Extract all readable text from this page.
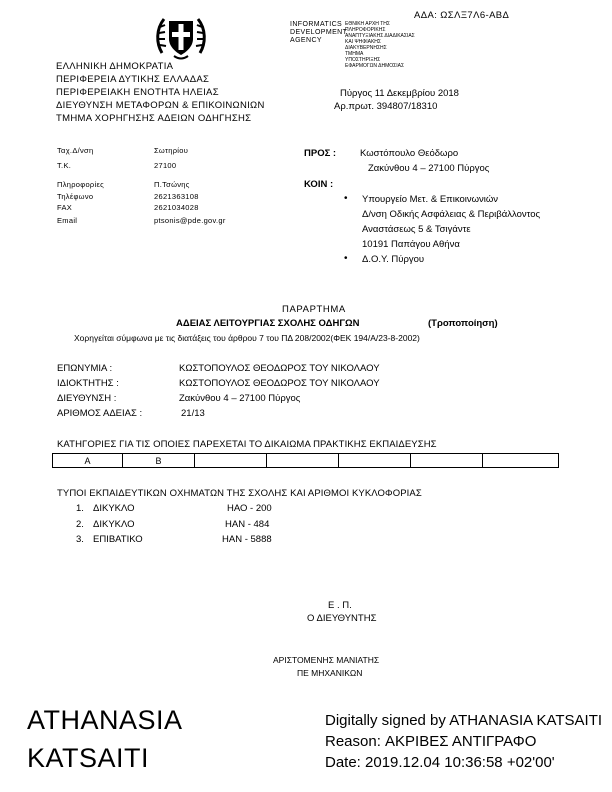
ΑΔΑ: ΩΣΛΞ7Λ6-ΑΒΔ
INFORMATICS
DEVELOPMENT
AGENCY
ΕΘΝΙΚΗ ΑΡΧΗ ΤΗΣ
ΠΛΗΡΟΦΟΡΙΚΗΣ
ΑΝΑΠΤΥΞΙΑΚΗΣ ΔΙΑΔΙΚΑΣΙΑΣ
ΚΑΙ ΨΗΦΙΑΚΗΣ
ΔΙΑΚΥΒΕΡΝΗΣΗΣ
ΤΜΗΜΑ
ΥΠΟΣΤΗΡΙΞΗΣ
ΕΦΑΡΜΟΓΩΝ ΔΗΜΟΣΙΑΣ
ΕΛΛΗΝΙΚΗ ΔΗΜΟΚΡΑΤΙΑ
ΠΕΡΙΦΕΡΕΙΑ ΔΥΤΙΚΗΣ ΕΛΛΑΔΑΣ
ΠΕΡΙΦΕΡΕΙΑΚΗ ΕΝΟΤΗΤΑ ΗΛΕΙΑΣ
ΔΙΕΥΘΥΝΣΗ ΜΕΤΑΦΟΡΩΝ & ΕΠΙΚΟΙΝΩΝΙΩΝ
ΤΜΗΜΑ ΧΟΡΗΓΗΣΗΣ ΑΔΕΙΩΝ ΟΔΗΓΗΣΗΣ
Πύργος 11 Δεκεμβρίου 2018
Αρ.πρωτ. 394807/18310
Ταχ.Δ/νση	Σωτηρίου
Τ.Κ.	27100
Πληροφορίες	Π.Τσώνης
Τηλέφωνο	2621363108
FAX	2621034028
Email	ptsonis@pde.gov.gr
ΠΡΟΣ :	Κωστόπουλο Θεόδωρο
Ζακύνθου 4 – 27100 Πύργος
ΚΟΙΝ :
• Υπουργείο Μετ. & Επικοινωνιών
Δ/νση Οδικής Ασφάλειας & Περιβάλλοντος
Αναστάσεως 5 & Τσιγάντε
10191 Παπάγου Αθήνα
• Δ.Ο.Υ. Πύργου
ΠΑΡΑΡΤΗΜΑ
ΑΔΕΙΑΣ ΛΕΙΤΟΥΡΓΙΑΣ ΣΧΟΛΗΣ ΟΔΗΓΩΝ	(Τροποποίηση)
Χορηγείται σύμφωνα με τις διατάξεις του άρθρου 7 του ΠΔ 208/2002(ΦΕΚ 194/Α/23-8-2002)
ΕΠΩΝΥΜΙΑ :	ΚΩΣΤΟΠΟΥΛΟΣ ΘΕΟΔΩΡΟΣ ΤΟΥ ΝΙΚΟΛΑΟΥ
ΙΔΙΟΚΤΗΤΗΣ :	ΚΩΣΤΟΠΟΥΛΟΣ ΘΕΟΔΩΡΟΣ ΤΟΥ ΝΙΚΟΛΑΟΥ
ΔΙΕΥΘΥΝΣΗ :	Ζακύνθου 4 – 27100 Πύργος
ΑΡΙΘΜΟΣ ΑΔΕΙΑΣ :	21/13
ΚΑΤΗΓΟΡΙΕΣ ΓΙΑ ΤΙΣ ΟΠΟΙΕΣ ΠΑΡΕΧΕΤΑΙ ΤΟ ΔΙΚΑΙΩΜΑ ΠΡΑΚΤΙΚΗΣ ΕΚΠΑΙΔΕΥΣΗΣ
Α	Β					
ΤΥΠΟΙ ΕΚΠΑΙΔΕΥΤΙΚΩΝ ΟΧΗΜΑΤΩΝ ΤΗΣ ΣΧΟΛΗΣ ΚΑΙ ΑΡΙΘΜΟΙ ΚΥΚΛΟΦΟΡΙΑΣ
1. ΔΙΚΥΚΛΟ	ΗΑΟ - 200
2. ΔΙΚΥΚΛΟ	ΗΑΝ - 484
3. ΕΠΙΒΑΤΙΚΟ	ΗΑΝ - 5888
Ε . Π.
Ο ΔΙΕΥΘΥΝΤΗΣ
ΑΡΙΣΤΟΜΕΝΗΣ ΜΑΝΙΑΤΗΣ
ΠΕ ΜΗΧΑΝΙΚΩΝ
ATHANASIA
KATSAITI
Digitally signed by ATHANASIA KATSAITI
Reason: ΑΚΡΙΒΕΣ ΑΝΤΙΓΡΑΦΟ
Date: 2019.12.04 10:36:58 +02'00'
